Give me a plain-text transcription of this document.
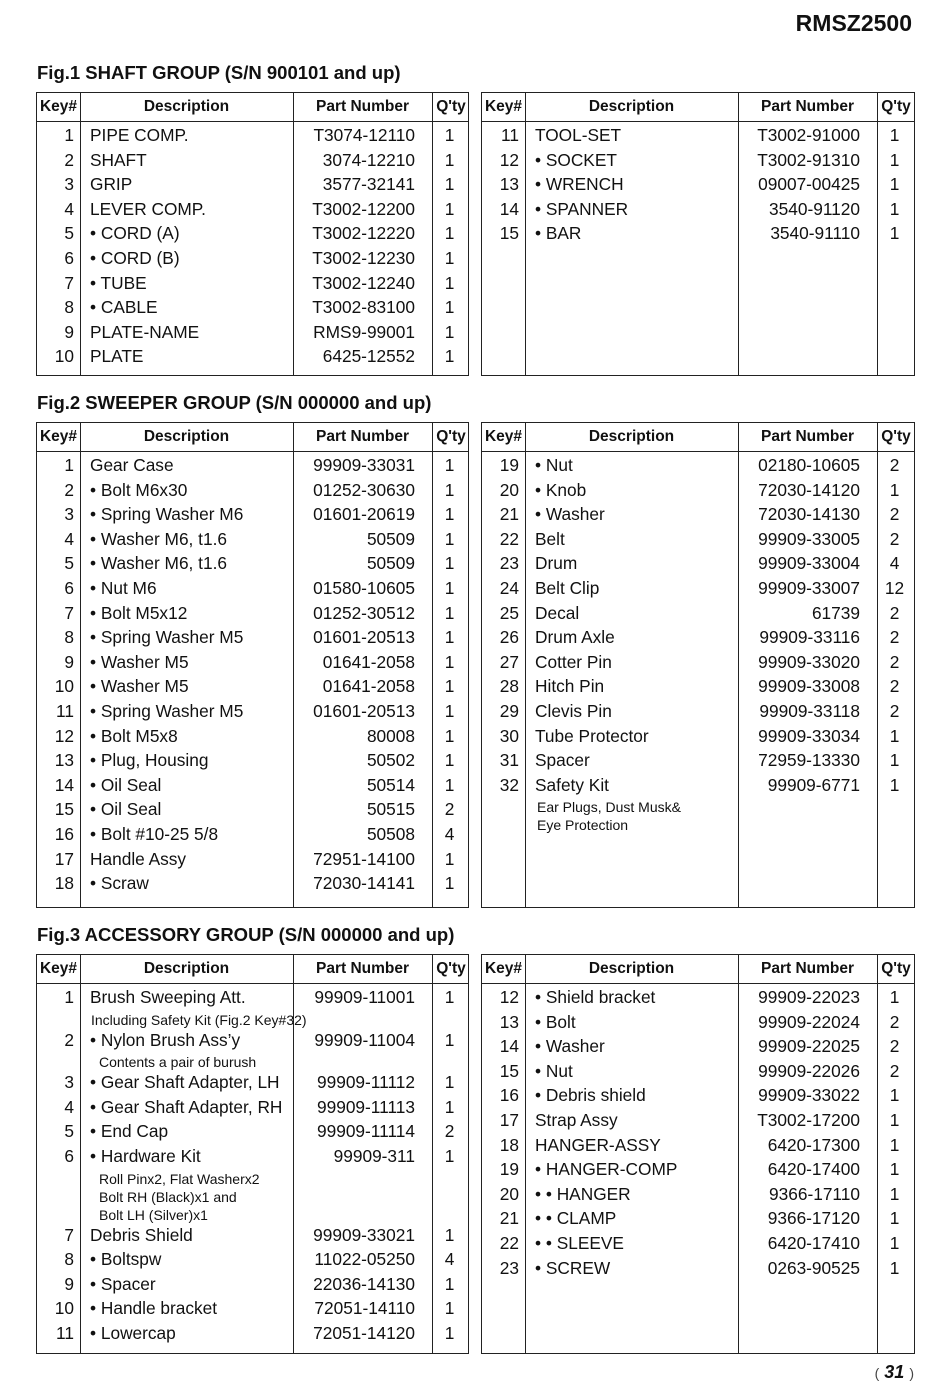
RMSZ2500
Fig.1 SHAFT GROUP (S/N 900101 and up)
Key#	Description	Part Number	Q'ty
1 PIPE COMP.	T3074-12110	1
2 SHAFT	3074-12210	1
3 GRIP	3577-32141	1
4 LEVER COMP.	T3002-12200	1
5 • CORD (A)	T3002-12220	1
6 • CORD (B)	T3002-12230	1
7 • TUBE	T3002-12240	1
8 • CABLE	T3002-83100	1
9 PLATE-NAME	RMS9-99001	1
10 PLATE	6425-12552	1
Key#	Description	Part Number	Q'ty
11 TOOL-SET	T3002-91000	1
12 • SOCKET	T3002-91310	1
13 • WRENCH	09007-00425	1
14 • SPANNER	3540-91120	1
15 • BAR	3540-91110	1
Fig.2 SWEEPER GROUP (S/N 000000 and up)
Key#	Description	Part Number	Q'ty
1 Gear Case	99909-33031	1
2 • Bolt M6x30	01252-30630	1
3 • Spring Washer M6	01601-20619	1
4 • Washer M6, t1.6	50509	1
5 • Washer M6, t1.6	50509	1
6 • Nut M6	01580-10605	1
7 • Bolt M5x12	01252-30512	1
8 • Spring Washer M5	01601-20513	1
9 • Washer M5	01641-2058	1
10 • Washer M5	01641-2058	1
11 • Spring Washer M5	01601-20513	1
12 • Bolt M5x8	80008	1
13 • Plug, Housing	50502	1
14 • Oil Seal	50514	1
15 • Oil Seal	50515	2
16 • Bolt #10-25 5/8	50508	4
17 Handle Assy	72951-14100	1
18 • Scraw	72030-14141	1
Key#	Description	Part Number	Q'ty
19 • Nut	02180-10605	2
20 • Knob	72030-14120	1
21 • Washer	72030-14130	2
22 Belt	99909-33005	2
23 Drum	99909-33004	4
24 Belt Clip	99909-33007	12
25 Decal	61739	2
26 Drum Axle	99909-33116	2
27 Cotter Pin	99909-33020	2
28 Hitch Pin	99909-33008	2
29 Clevis Pin	99909-33118	2
30 Tube Protector	99909-33034	1
31 Spacer	72959-13330	1
32 Safety Kit	99909-6771	1
Ear Plugs, Dust Musk&
Eye Protection
Fig.3 ACCESSORY GROUP (S/N 000000 and up)
Key#	Description	Part Number	Q'ty
1 Brush Sweeping Att.	99909-11001	1
Including Safety Kit (Fig.2 Key#32)
2 • Nylon Brush Ass’y	99909-11004	1
Contents a pair of burush
3 • Gear Shaft Adapter, LH	99909-11112	1
4 • Gear Shaft Adapter, RH	99909-11113	1
5 • End Cap	99909-11114	2
6 • Hardware Kit	99909-311	1
Roll Pinx2, Flat Washerx2
Bolt RH (Black)x1 and
Bolt LH (Silver)x1
7 Debris Shield	99909-33021	1
8 • Boltspw	11022-05250	4
9 • Spacer	22036-14130	1
10 • Handle bracket	72051-14110	1
11 • Lowercap	72051-14120	1
Key#	Description	Part Number	Q'ty
12 • Shield bracket	99909-22023	1
13 • Bolt	99909-22024	2
14 • Washer	99909-22025	2
15 • Nut	99909-22026	2
16 • Debris shield	99909-33022	1
17 Strap Assy	T3002-17200	1
18 HANGER-ASSY	6420-17300	1
19 • HANGER-COMP	6420-17400	1
20 • • HANGER	9366-17110	1
21 • • CLAMP	9366-17120	1
22 • • SLEEVE	6420-17410	1
23 • SCREW	0263-90525	1
( 31 )
